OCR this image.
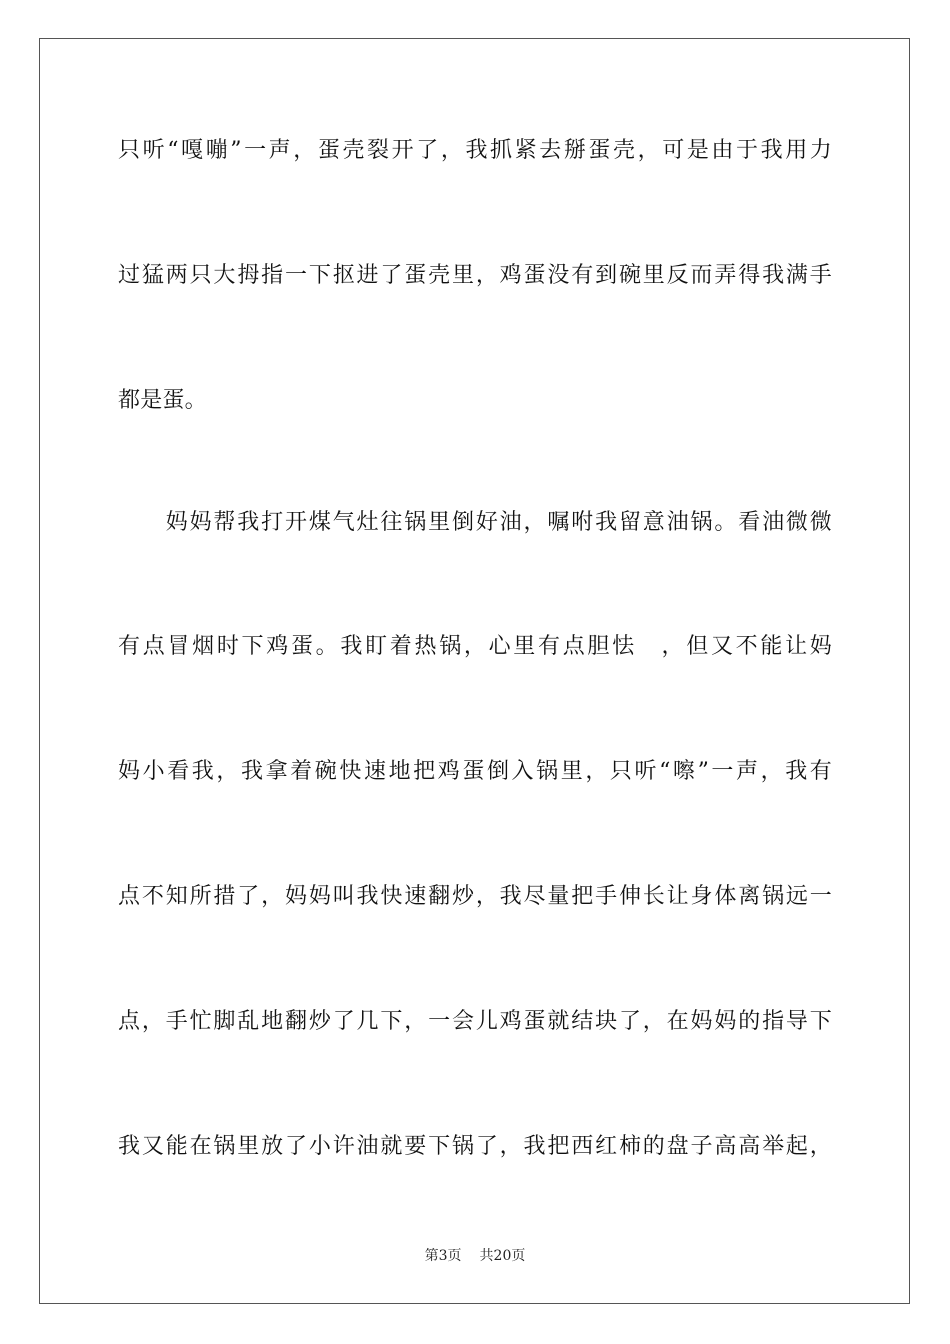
只听“嘎嘣”一声，蛋壳裂开了，我抓紧去掰蛋壳，可是由于我用力
过猛两只大拇指一下抠进了蛋壳里，鸡蛋没有到碗里反而弄得我满手
都是蛋。
　　妈妈帮我打开煤气灶往锅里倒好油，嘱咐我留意油锅。看油微微
有点冒烟时下鸡蛋。我盯着热锅，心里有点胆怯　，但又不能让妈
妈小看我，我拿着碗快速地把鸡蛋倒入锅里，只听“嚓”一声，我有
点不知所措了，妈妈叫我快速翻炒，我尽量把手伸长让身体离锅远一
点，手忙脚乱地翻炒了几下，一会儿鸡蛋就结块了，在妈妈的指导下
我又能在锅里放了小许油就要下锅了，我把西红柿的盘子高高举起，
第3页 共20页
